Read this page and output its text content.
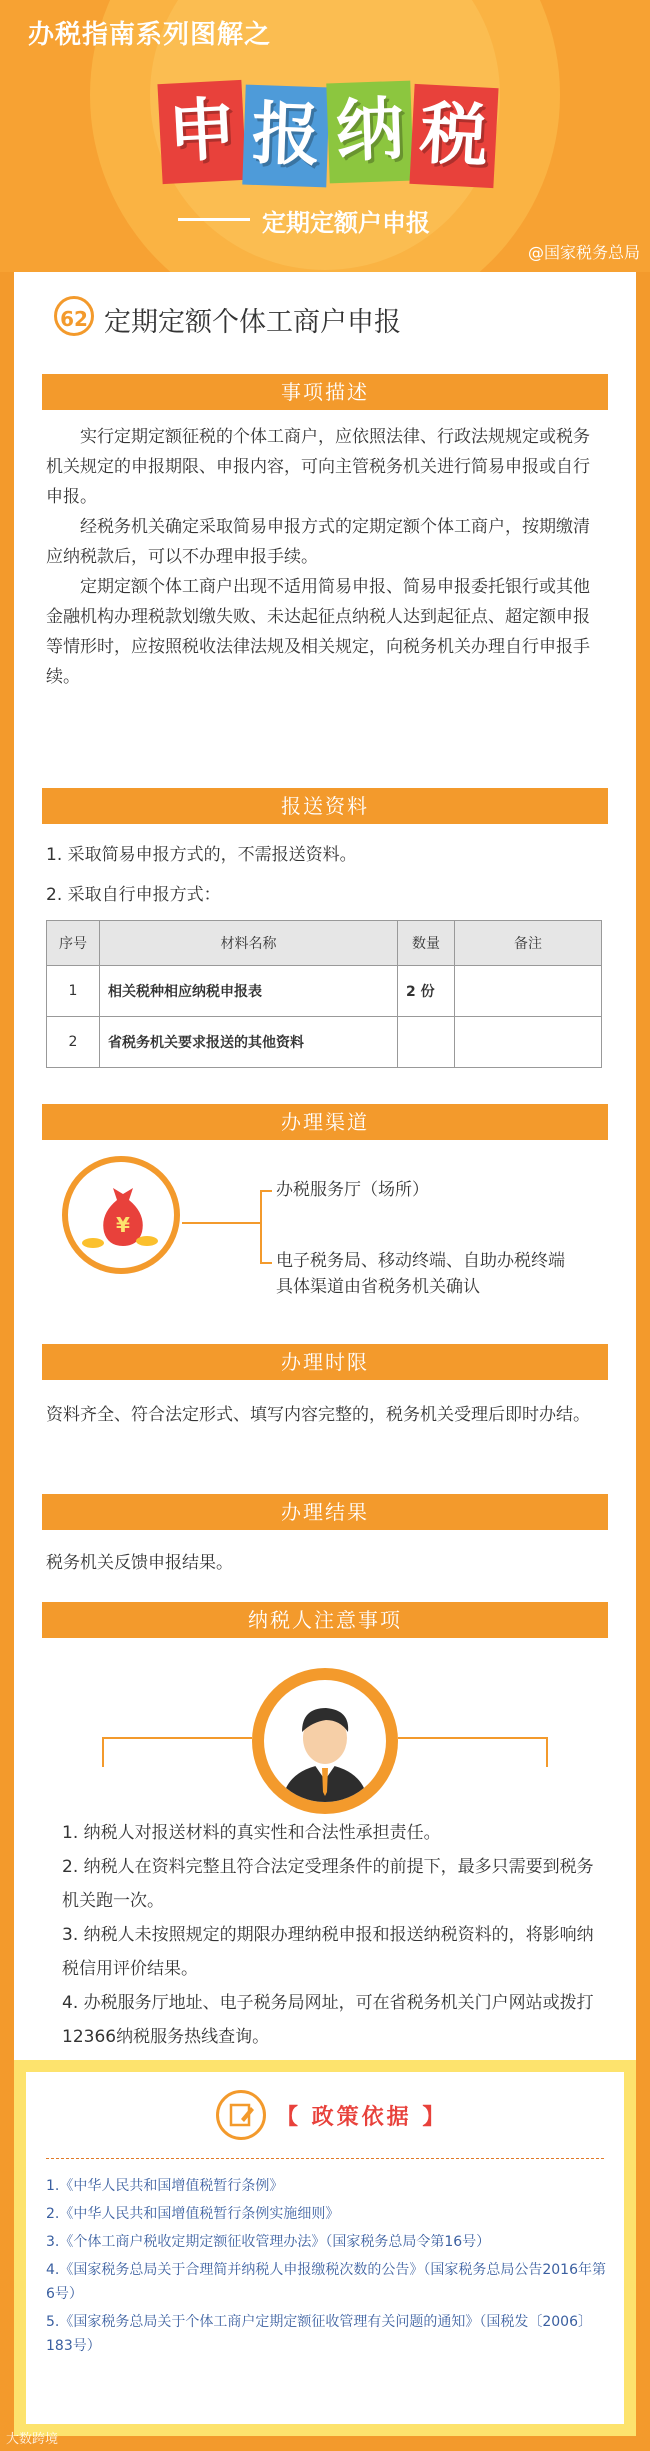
办税指南系列图解之
申 报 纳 税
定期定额户申报
@国家税务总局
62 定期定额个体工商户申报
事项描述

实行定期定额征税的个体工商户，应依照法律、行政法规规定或税务机关规定的申报期限、申报内容，可向主管税务机关进行简易申报或自行申报。

经税务机关确定采取简易申报方式的定期定额个体工商户，按期缴清应纳税款后，可以不办理申报手续。

定期定额个体工商户出现不适用简易申报、简易申报委托银行或其他金融机构办理税款划缴失败、未达起征点纳税人达到起征点、超定额申报等情形时，应按照税收法律法规及相关规定，向税务机关办理自行申报手续。

报送资料
1. 采取简易申报方式的，不需报送资料。
2. 采取自行申报方式：
序号	材料名称	数量	备注
1	相关税种相应纳税申报表	2 份	
2	省税务机关要求报送的其他资料		
办理渠道
¥
办税服务厅（场所）
电子税务局、移动终端、自助办税终端
具体渠道由省税务机关确认
办理时限
资料齐全、符合法定形式、填写内容完整的，税务机关受理后即时办结。
办理结果
税务机关反馈申报结果。
纳税人注意事项
1. 纳税人对报送材料的真实性和合法性承担责任。
2. 纳税人在资料完整且符合法定受理条件的前提下，最多只需要到税务机关跑一次。
3. 纳税人未按照规定的期限办理纳税申报和报送纳税资料的，将影响纳税信用评价结果。
4. 办税服务厅地址、电子税务局网址，可在省税务机关门户网站或拨打12366纳税服务热线查询。
【 政策依据 】
1.《中华人民共和国增值税暂行条例》
2.《中华人民共和国增值税暂行条例实施细则》
3.《个体工商户税收定期定额征收管理办法》（国家税务总局令第16号）
4.《国家税务总局关于合理简并纳税人申报缴税次数的公告》（国家税务总局公告2016年第6号）
5.《国家税务总局关于个体工商户定期定额征收管理有关问题的通知》（国税发〔2006〕183号）
大数跨境
